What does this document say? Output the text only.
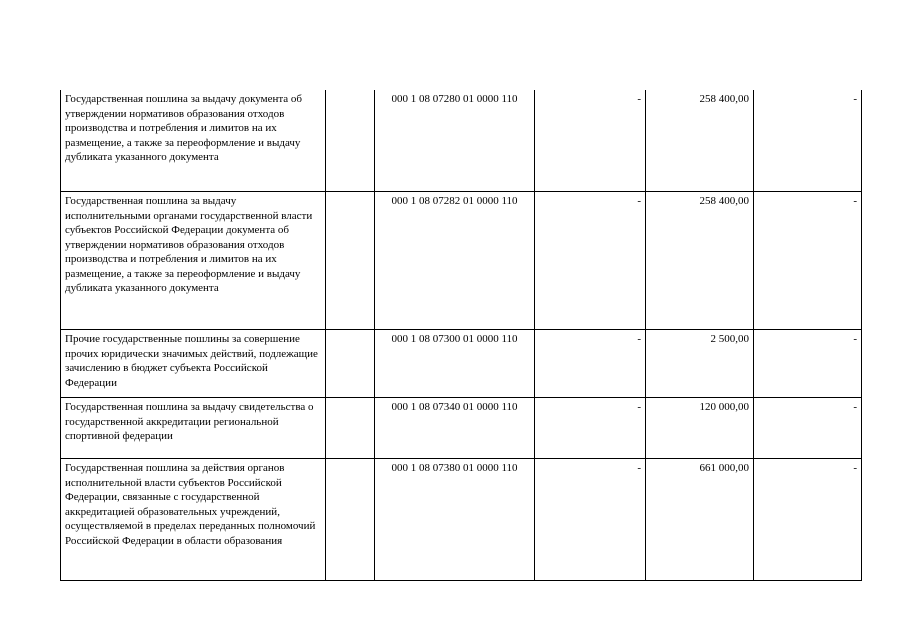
Государственная пошлина за выдачу документа об утверждении нормативов образования отходов производства и потребления и лимитов на их размещение, а также за переоформление и выдачу дубликата указанного документа		000 1 08 07280 01 0000 110	-	258 400,00	-
Государственная пошлина за выдачу исполнительными органами государственной власти субъектов Российской Федерации документа об утверждении нормативов образования отходов производства и потребления и лимитов на их размещение, а также за переоформление и выдачу дубликата указанного документа		000 1 08 07282 01 0000 110	-	258 400,00	-
Прочие государственные пошлины за совершение прочих юридически значимых действий, подлежащие зачислению в бюджет субъекта Российской Федерации		000 1 08 07300 01 0000 110	-	2 500,00	-
Государственная пошлина за выдачу свидетельства о государственной аккредитации региональной спортивной федерации		000 1 08 07340 01 0000 110	-	120 000,00	-
Государственная пошлина за действия органов исполнительной власти субъектов Российской Федерации, связанные с государственной аккредитацией образовательных учреждений, осуществляемой в пределах переданных полномочий Российской Федерации в области образования		000 1 08 07380 01 0000 110	-	661 000,00	-
